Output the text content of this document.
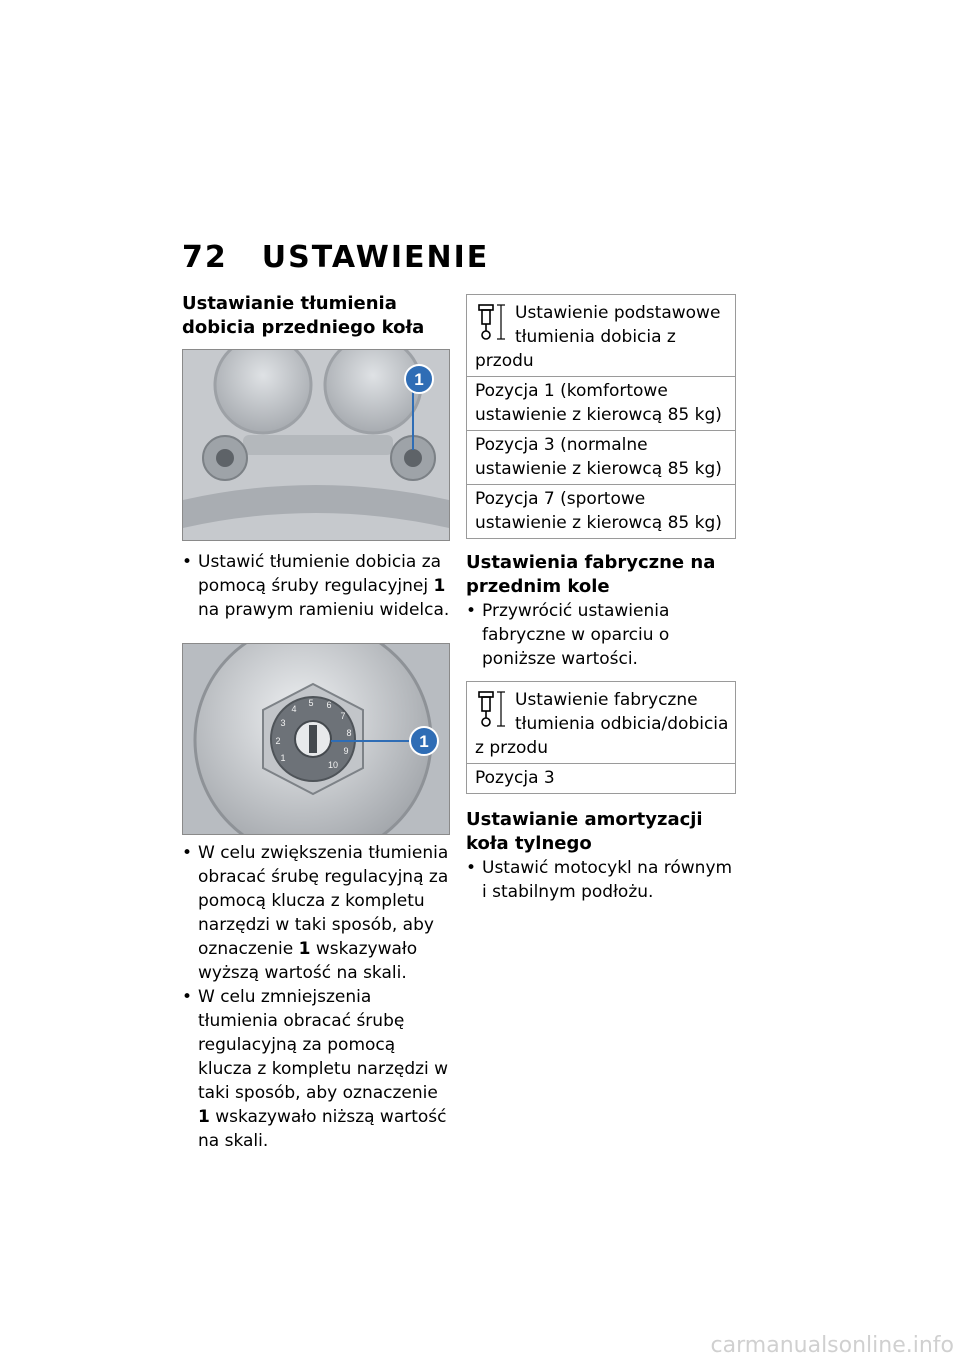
72 USTAWIENIE
Ustawianie tłumienia dobicia przedniego koła
1
• Ustawić tłumienie dobicia za pomocą śruby regulacyjnej 1 na prawym ramieniu widelca.
1
2
3
4
5 6
7
8
9
10
1
• W celu zwiększenia tłumienia obracać śrubę regulacyjną za pomocą klucza z kompletu narzędzi w taki sposób, aby oznaczenie 1 wskazywało wyższą wartość na skali.
• W celu zmniejszenia tłumienia obracać śrubę regulacyjną za pomocą klucza z kompletu narzędzi w taki sposób, aby oznaczenie 1 wskazywało niższą wartość na skali.
Ustawienie podstawowe tłumienia dobicia z przodu
Pozycja 1 (komfortowe ustawienie z kierowcą 85 kg)
Pozycja 3 (normalne ustawienie z kierowcą 85 kg)
Pozycja 7 (sportowe ustawienie z kierowcą 85 kg)
Ustawienia fabryczne na przednim kole
• Przywrócić ustawienia fabryczne w oparciu o poniższe wartości.
Ustawienie fabryczne tłumienia odbicia/dobicia z przodu
Pozycja 3
Ustawianie amortyzacji koła tylnego
• Ustawić motocykl na równym i stabilnym podłożu.
carmanualsonline.info
